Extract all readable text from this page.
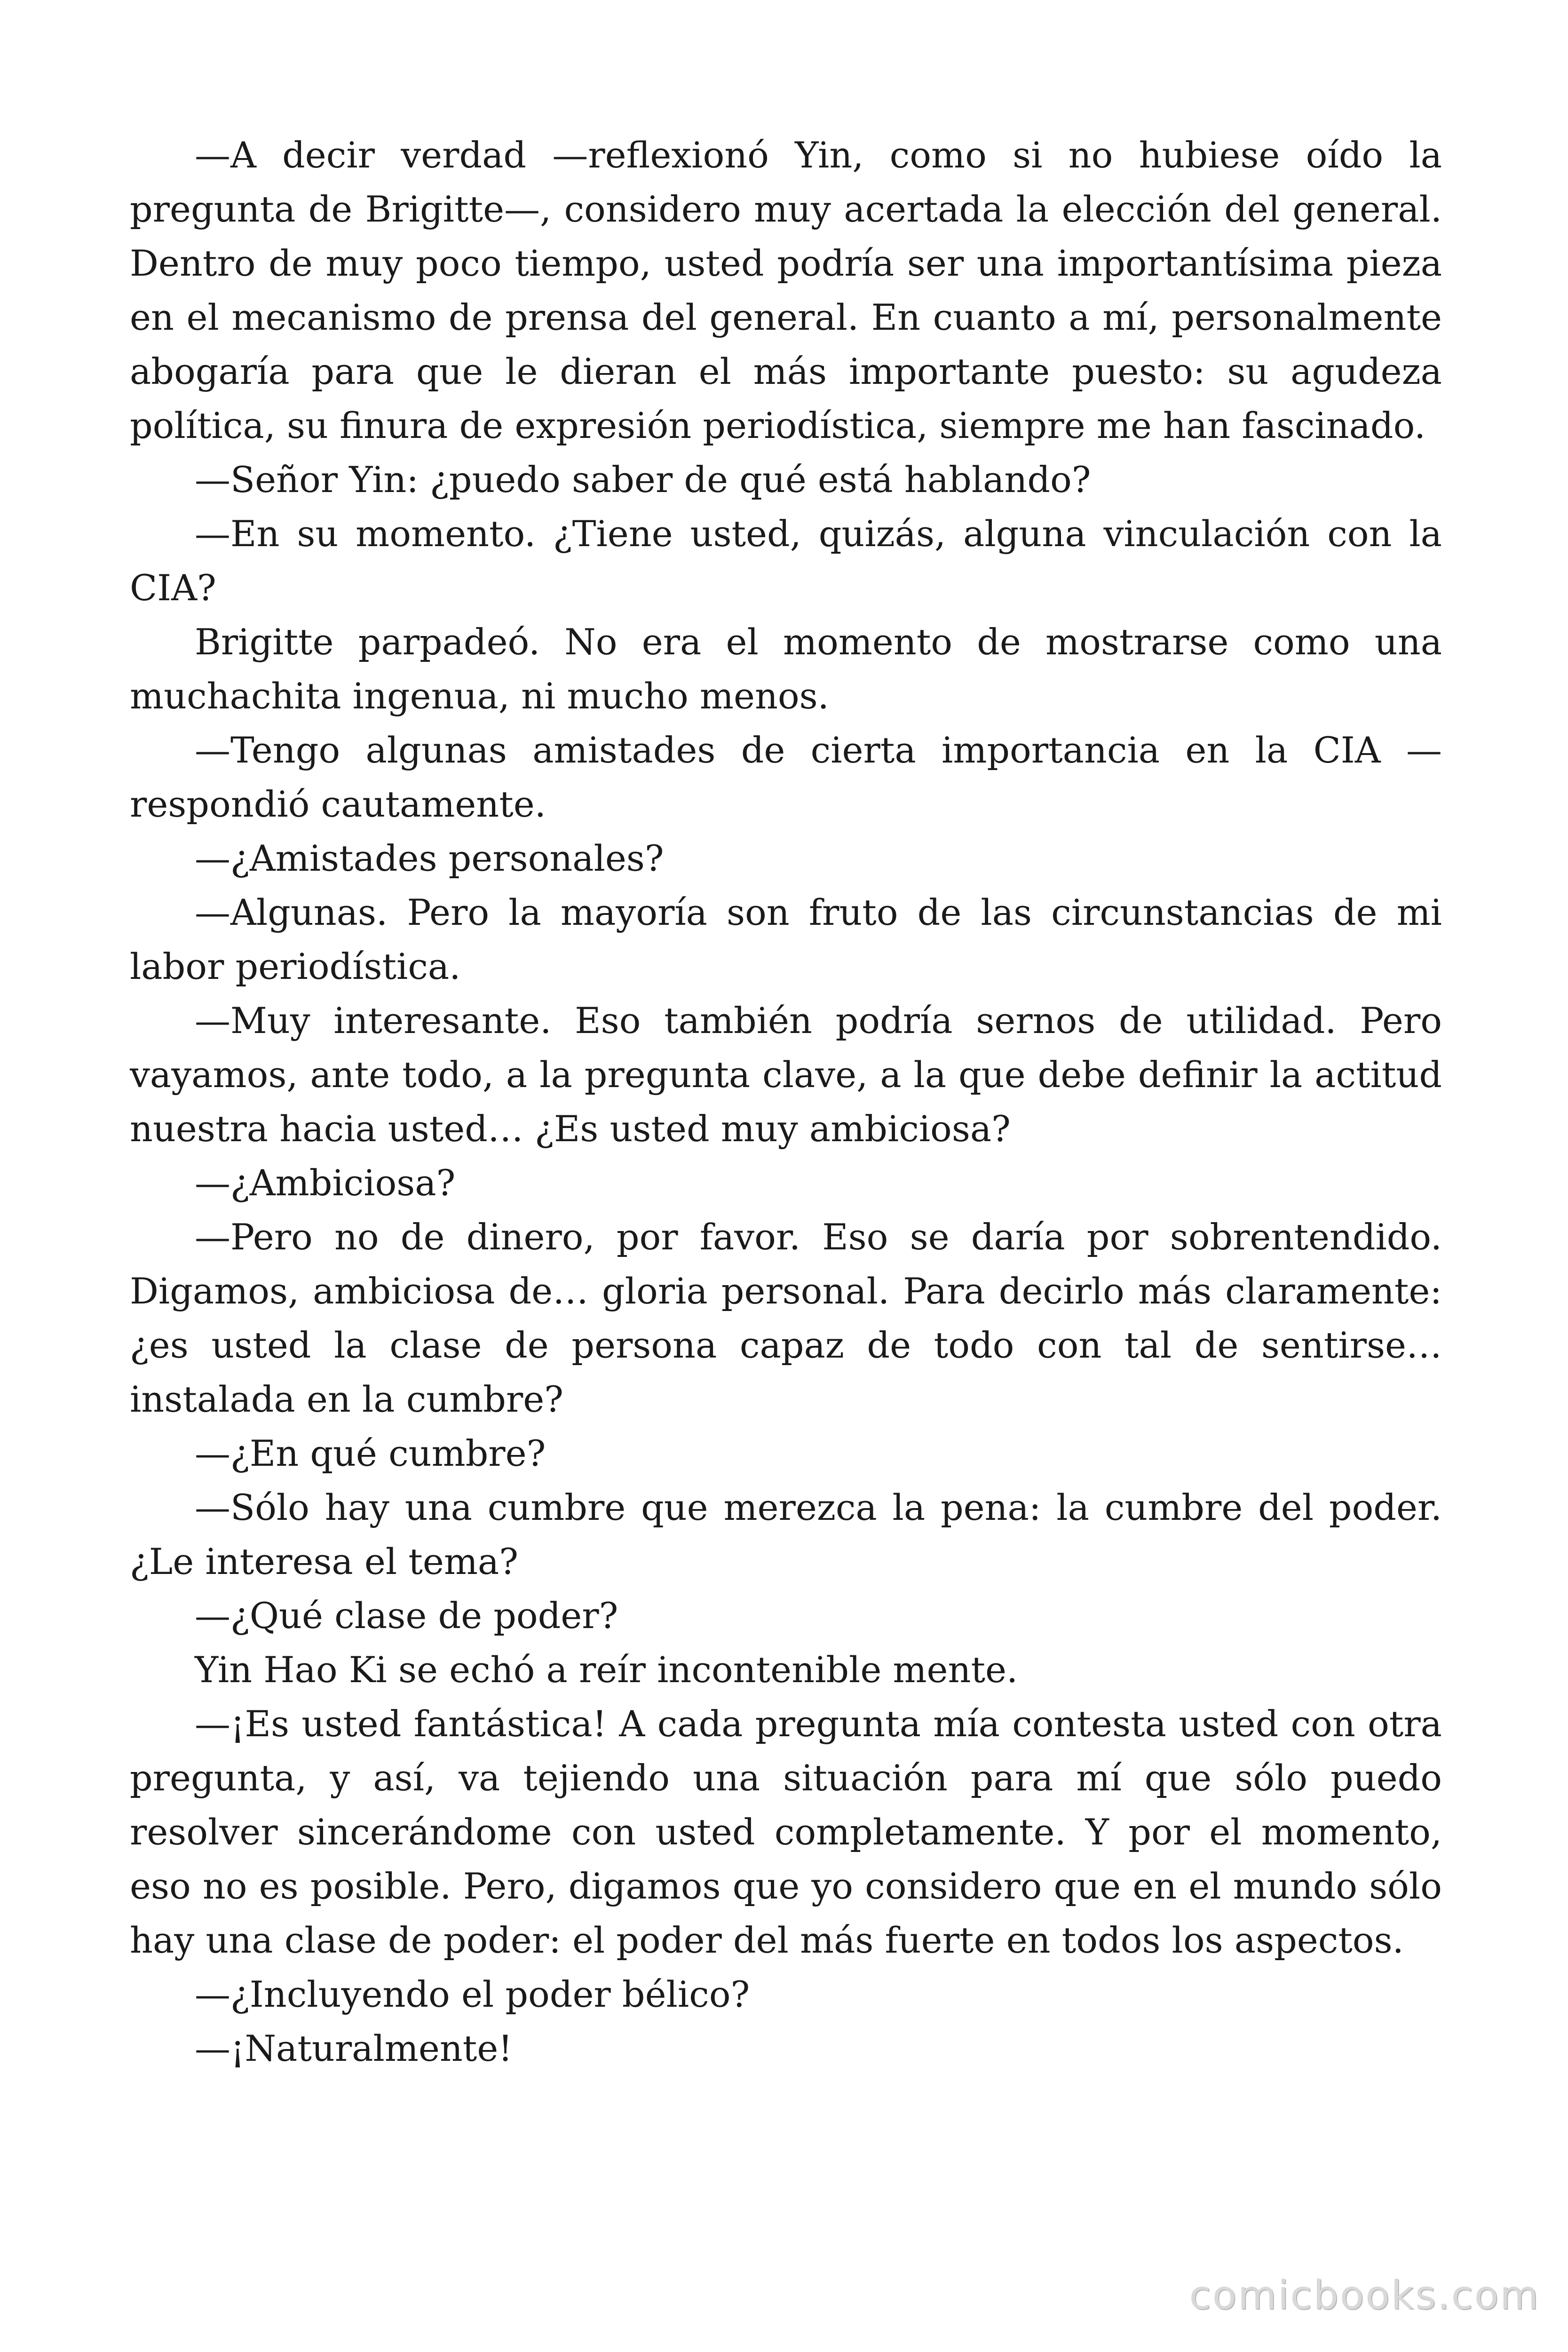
—A decir verdad —reflexionó Yin, como si no hubiese oído la pregunta de Brigitte—, considero muy acertada la elección del general. Dentro de muy poco tiempo, usted podría ser una importantísima pieza en el mecanismo de prensa del general. En cuanto a mí, personalmente abogaría para que le dieran el más importante puesto: su agudeza política, su finura de expresión periodística, siempre me han fascinado.

—Señor Yin: ¿puedo saber de qué está hablando?

—En su momento. ¿Tiene usted, quizás, alguna vinculación con la CIA?

Brigitte parpadeó. No era el momento de mostrarse como una muchachita ingenua, ni mucho menos.

—Tengo algunas amistades de cierta importancia en la CIA —respondió cautamente.

—¿Amistades personales?

—Algunas. Pero la mayoría son fruto de las circunstancias de mi labor periodística.

—Muy interesante. Eso también podría sernos de utilidad. Pero vayamos, ante todo, a la pregunta clave, a la que debe definir la actitud nuestra hacia usted… ¿Es usted muy ambiciosa?

—¿Ambiciosa?

—Pero no de dinero, por favor. Eso se daría por sobrentendido. Digamos, ambiciosa de… gloria personal. Para decirlo más claramente: ¿es usted la clase de persona capaz de todo con tal de sentirse… instalada en la cumbre?

—¿En qué cumbre?

—Sólo hay una cumbre que merezca la pena: la cumbre del poder. ¿Le interesa el tema?

—¿Qué clase de poder?

Yin Hao Ki se echó a reír incontenible mente.

—¡Es usted fantástica! A cada pregunta mía contesta usted con otra pregunta, y así, va tejiendo una situación para mí que sólo puedo resolver sincerándome con usted completamente. Y por el momento, eso no es posible. Pero, digamos que yo considero que en el mundo sólo hay una clase de poder: el poder del más fuerte en todos los aspectos.

—¿Incluyendo el poder bélico?

—¡Naturalmente!

comicbooks.com
